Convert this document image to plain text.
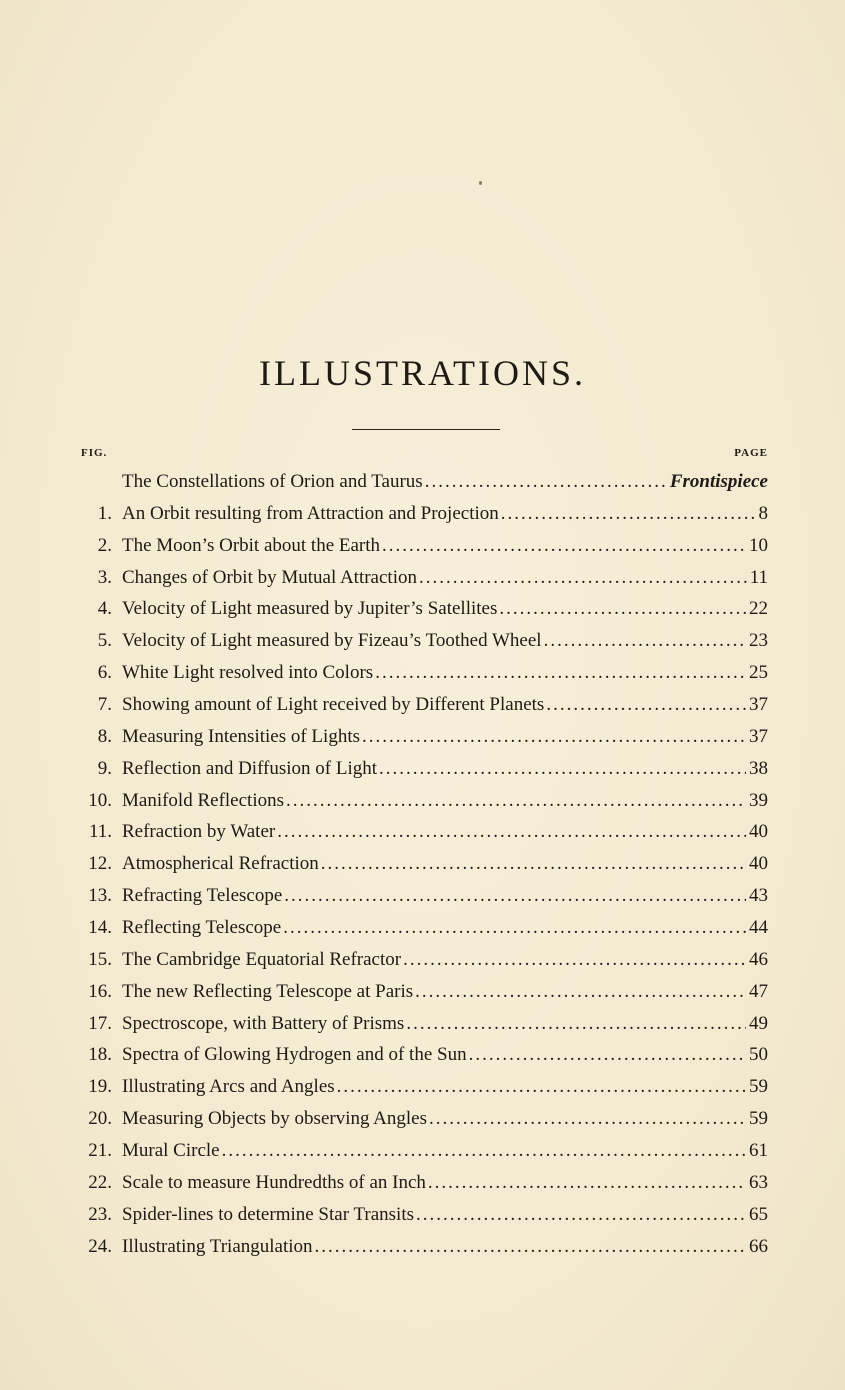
ILLUSTRATIONS.
FIG.	PAGE
The Constellations of Orion and Taurus .....	Frontispiece
1. An Orbit resulting from Attraction and Projection .....	8
2. The Moon’s Orbit about the Earth .....	10
3. Changes of Orbit by Mutual Attraction .....	11
4. Velocity of Light measured by Jupiter’s Satellites .....	22
5. Velocity of Light measured by Fizeau’s Toothed Wheel .....	23
6. White Light resolved into Colors .....	25
7. Showing amount of Light received by Different Planets .....	37
8. Measuring Intensities of Lights .....	37
9. Reflection and Diffusion of Light .....	38
10. Manifold Reflections .....	39
11. Refraction by Water .....	40
12. Atmospherical Refraction .....	40
13. Refracting Telescope .....	43
14. Reflecting Telescope .....	44
15. The Cambridge Equatorial Refractor .....	46
16. The new Reflecting Telescope at Paris .....	47
17. Spectroscope, with Battery of Prisms .....	49
18. Spectra of Glowing Hydrogen and of the Sun .....	50
19. Illustrating Arcs and Angles .....	59
20. Measuring Objects by observing Angles .....	59
21. Mural Circle .....	61
22. Scale to measure Hundredths of an Inch .....	63
23. Spider-lines to determine Star Transits .....	65
24. Illustrating Triangulation .....	66
